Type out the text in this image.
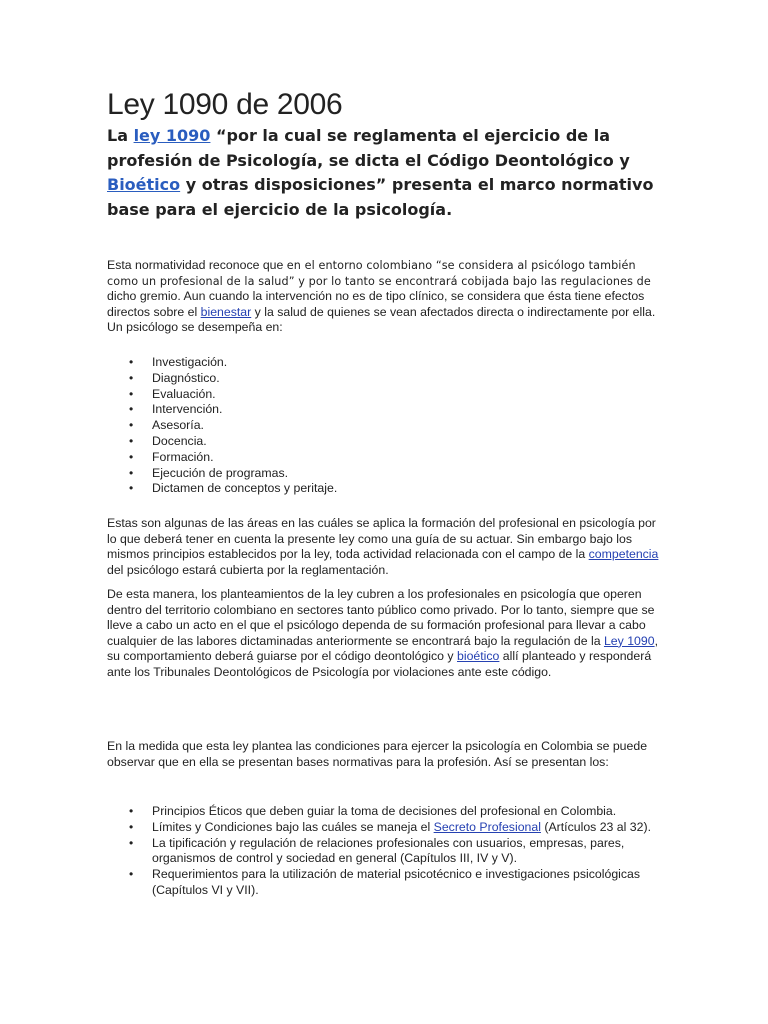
Ley 1090 de 2006

La ley 1090 “por la cual se reglamenta el ejercicio de la profesión de Psicología, se dicta el Código Deontológico y Bioético y otras disposiciones” presenta el marco normativo base para el ejercicio de la psicología.

Esta normatividad reconoce que en el entorno colombiano “se considera al psicólogo también como un profesional de la salud” y por lo tanto se encontrará cobijada bajo las regulaciones de dicho gremio. Aun cuando la intervención no es de tipo clínico, se considera que ésta tiene efectos directos sobre el bienestar y la salud de quienes se vean afectados directa o indirectamente por ella. Un psicólogo se desempeña en:

• Investigación.
• Diagnóstico.
• Evaluación.
• Intervención.
• Asesoría.
• Docencia.
• Formación.
• Ejecución de programas.
• Dictamen de conceptos y peritaje.

Estas son algunas de las áreas en las cuáles se aplica la formación del profesional en psicología por lo que deberá tener en cuenta la presente ley como una guía de su actuar. Sin embargo bajo los mismos principios establecidos por la ley, toda actividad relacionada con el campo de la competencia del psicólogo estará cubierta por la reglamentación.

De esta manera, los planteamientos de la ley cubren a los profesionales en psicología que operen dentro del territorio colombiano en sectores tanto público como privado. Por lo tanto, siempre que se lleve a cabo un acto en el que el psicólogo dependa de su formación profesional para llevar a cabo cualquier de las labores dictaminadas anteriormente se encontrará bajo la regulación de la Ley 1090, su comportamiento deberá guiarse por el código deontológico y bioético allí planteado y responderá ante los Tribunales Deontológicos de Psicología por violaciones ante este código.

En la medida que esta ley plantea las condiciones para ejercer la psicología en Colombia se puede observar que en ella se presentan bases normativas para la profesión. Así se presentan los:

• Principios Éticos que deben guiar la toma de decisiones del profesional en Colombia.
• Límites y Condiciones bajo las cuáles se maneja el Secreto Profesional (Artículos 23 al 32).
• La tipificación y regulación de relaciones profesionales con usuarios, empresas, pares, organismos de control y sociedad en general (Capítulos III, IV y V).
• Requerimientos para la utilización de material psicotécnico e investigaciones psicológicas (Capítulos VI y VII).
